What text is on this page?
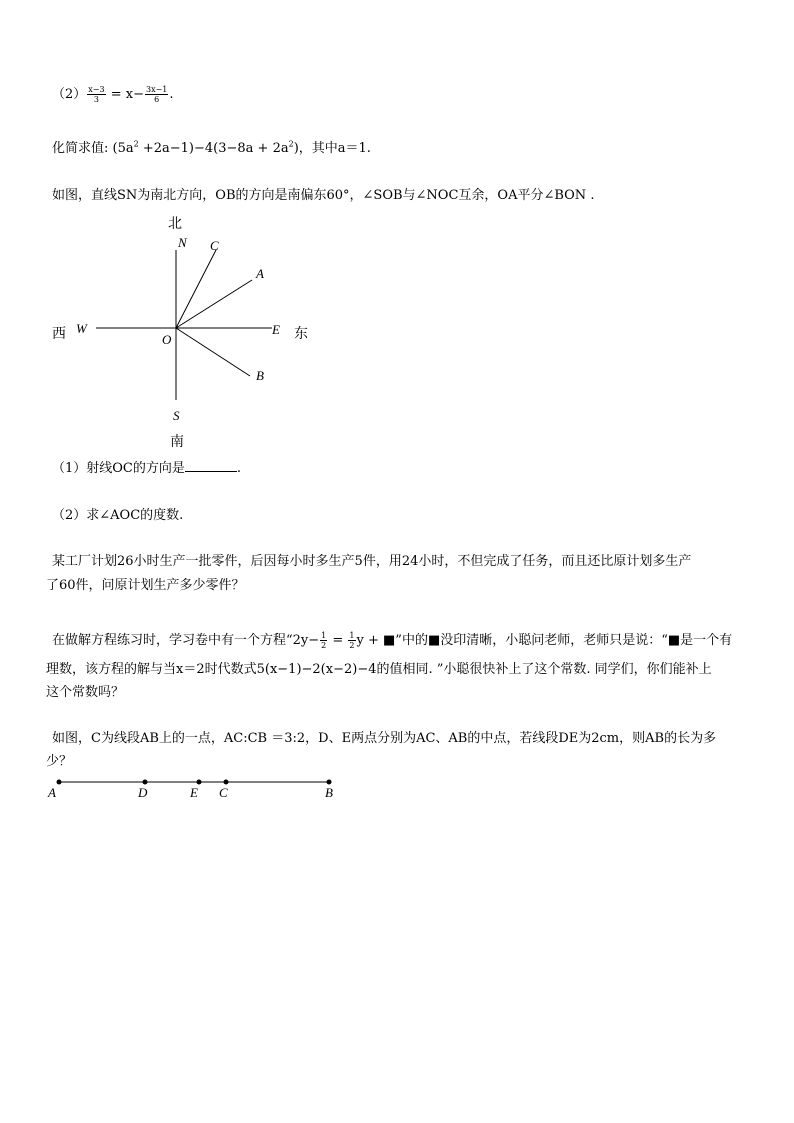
$(2) \frac{x-3}{3} = x- \frac{3x-1}{6}$ .
化简求值: $(5a^2 +2a-1)-4(3-8a + 2a^2)$，其中a＝1.
如图，直线SN为南北方向，OB的方向是南偏东60°，∠SOB与∠NOC互余，OA平分∠BON .
北
南
西	东
N C
A
W	E
O
B
S
（1）射线OC的方向是	.
（2）求∠AOC的度数.
某工厂计划26小时生产一批零件，后因每小时多生产5件，用24小时，不但完成了任务，而且还比原计划多生产
了60件，问原计划生产多少零件？
在做解方程练习时，学习卷中有一个方程“$2y- \frac{1}{2} = \frac{1}{2}$ y + ■”中的■没印清晰，小聪问老师，老师只是说：“■是一个有
理数，该方程的解与当x＝2时代数式5(x−1)−2(x−2)−4的值相同. ”小聪很快补上了这个常数. 同学们，你们能补上
这个常数吗？
如图，C为线段AB上的一点，AC:CB ＝3:2，D、E两点分别为AC、AB的中点，若线段DE为2cm，则AB的长为多
少？
A	D	E C	B
